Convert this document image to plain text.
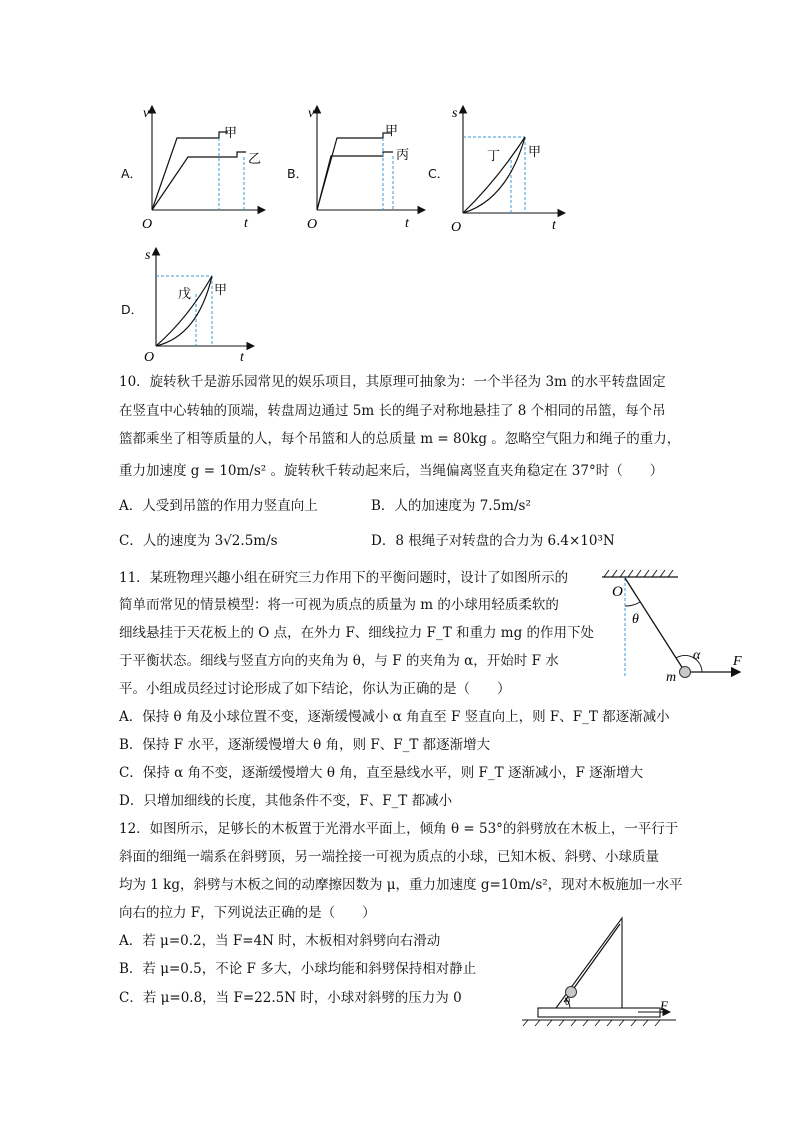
A．
v
t
O
甲
乙
B．
v
t
O
甲
丙
C．
s
t
O
丁 甲
D．
s
t
O
戊 甲
10．旋转秋千是游乐园常见的娱乐项目，其原理可抽象为：一个半径为 3m 的水平转盘固定
在竖直中心转轴的顶端，转盘周边通过 5m 长的绳子对称地悬挂了 8 个相同的吊篮，每个吊
篮都乘坐了相等质量的人，每个吊篮和人的总质量 m = 80kg 。忽略空气阻力和绳子的重力，
重力加速度 g = 10m/s² 。旋转秋千转动起来后，当绳偏离竖直夹角稳定在 37°时（　　）
A．人受到吊篮的作用力竖直向上	B．人的加速度为 7.5m/s²
C．人的速度为 3√2.5m/s	D．8 根绳子对转盘的合力为 6.4×10³N
11．某班物理兴趣小组在研究三力作用下的平衡问题时，设计了如图所示的
简单而常见的情景模型：将一可视为质点的质量为 m 的小球用轻质柔软的
细线悬挂于天花板上的 O 点，在外力 F、细线拉力 F_T 和重力 mg 的作用下处
于平衡状态。细线与竖直方向的夹角为 θ，与 F 的夹角为 α，开始时 F 水
平。小组成员经过讨论形成了如下结论，你认为正确的是（　　）
A．保持 θ 角及小球位置不变，逐渐缓慢减小 α 角直至 F 竖直向上，则 F、F_T 都逐渐减小
B．保持 F 水平，逐渐缓慢增大 θ 角，则 F、F_T 都逐渐增大
C．保持 α 角不变，逐渐缓慢增大 θ 角，直至悬线水平，则 F_T 逐渐减小，F 逐渐增大
D．只增加细线的长度，其他条件不变，F、F_T 都减小
O
θ
α
m
F
12．如图所示，足够长的木板置于光滑水平面上，倾角 θ = 53°的斜劈放在木板上，一平行于
斜面的细绳一端系在斜劈顶，另一端拴接一可视为质点的小球，已知木板、斜劈、小球质量
均为 1 kg，斜劈与木板之间的动摩擦因数为 μ，重力加速度 g=10m/s²，现对木板施加一水平
向右的拉力 F，下列说法正确的是（　　）
A．若 μ=0.2，当 F=4N 时，木板相对斜劈向右滑动
B．若 μ=0.5，不论 F 多大，小球均能和斜劈保持相对静止
C．若 μ=0.8，当 F=22.5N 时，小球对斜劈的压力为 0	θ	F
